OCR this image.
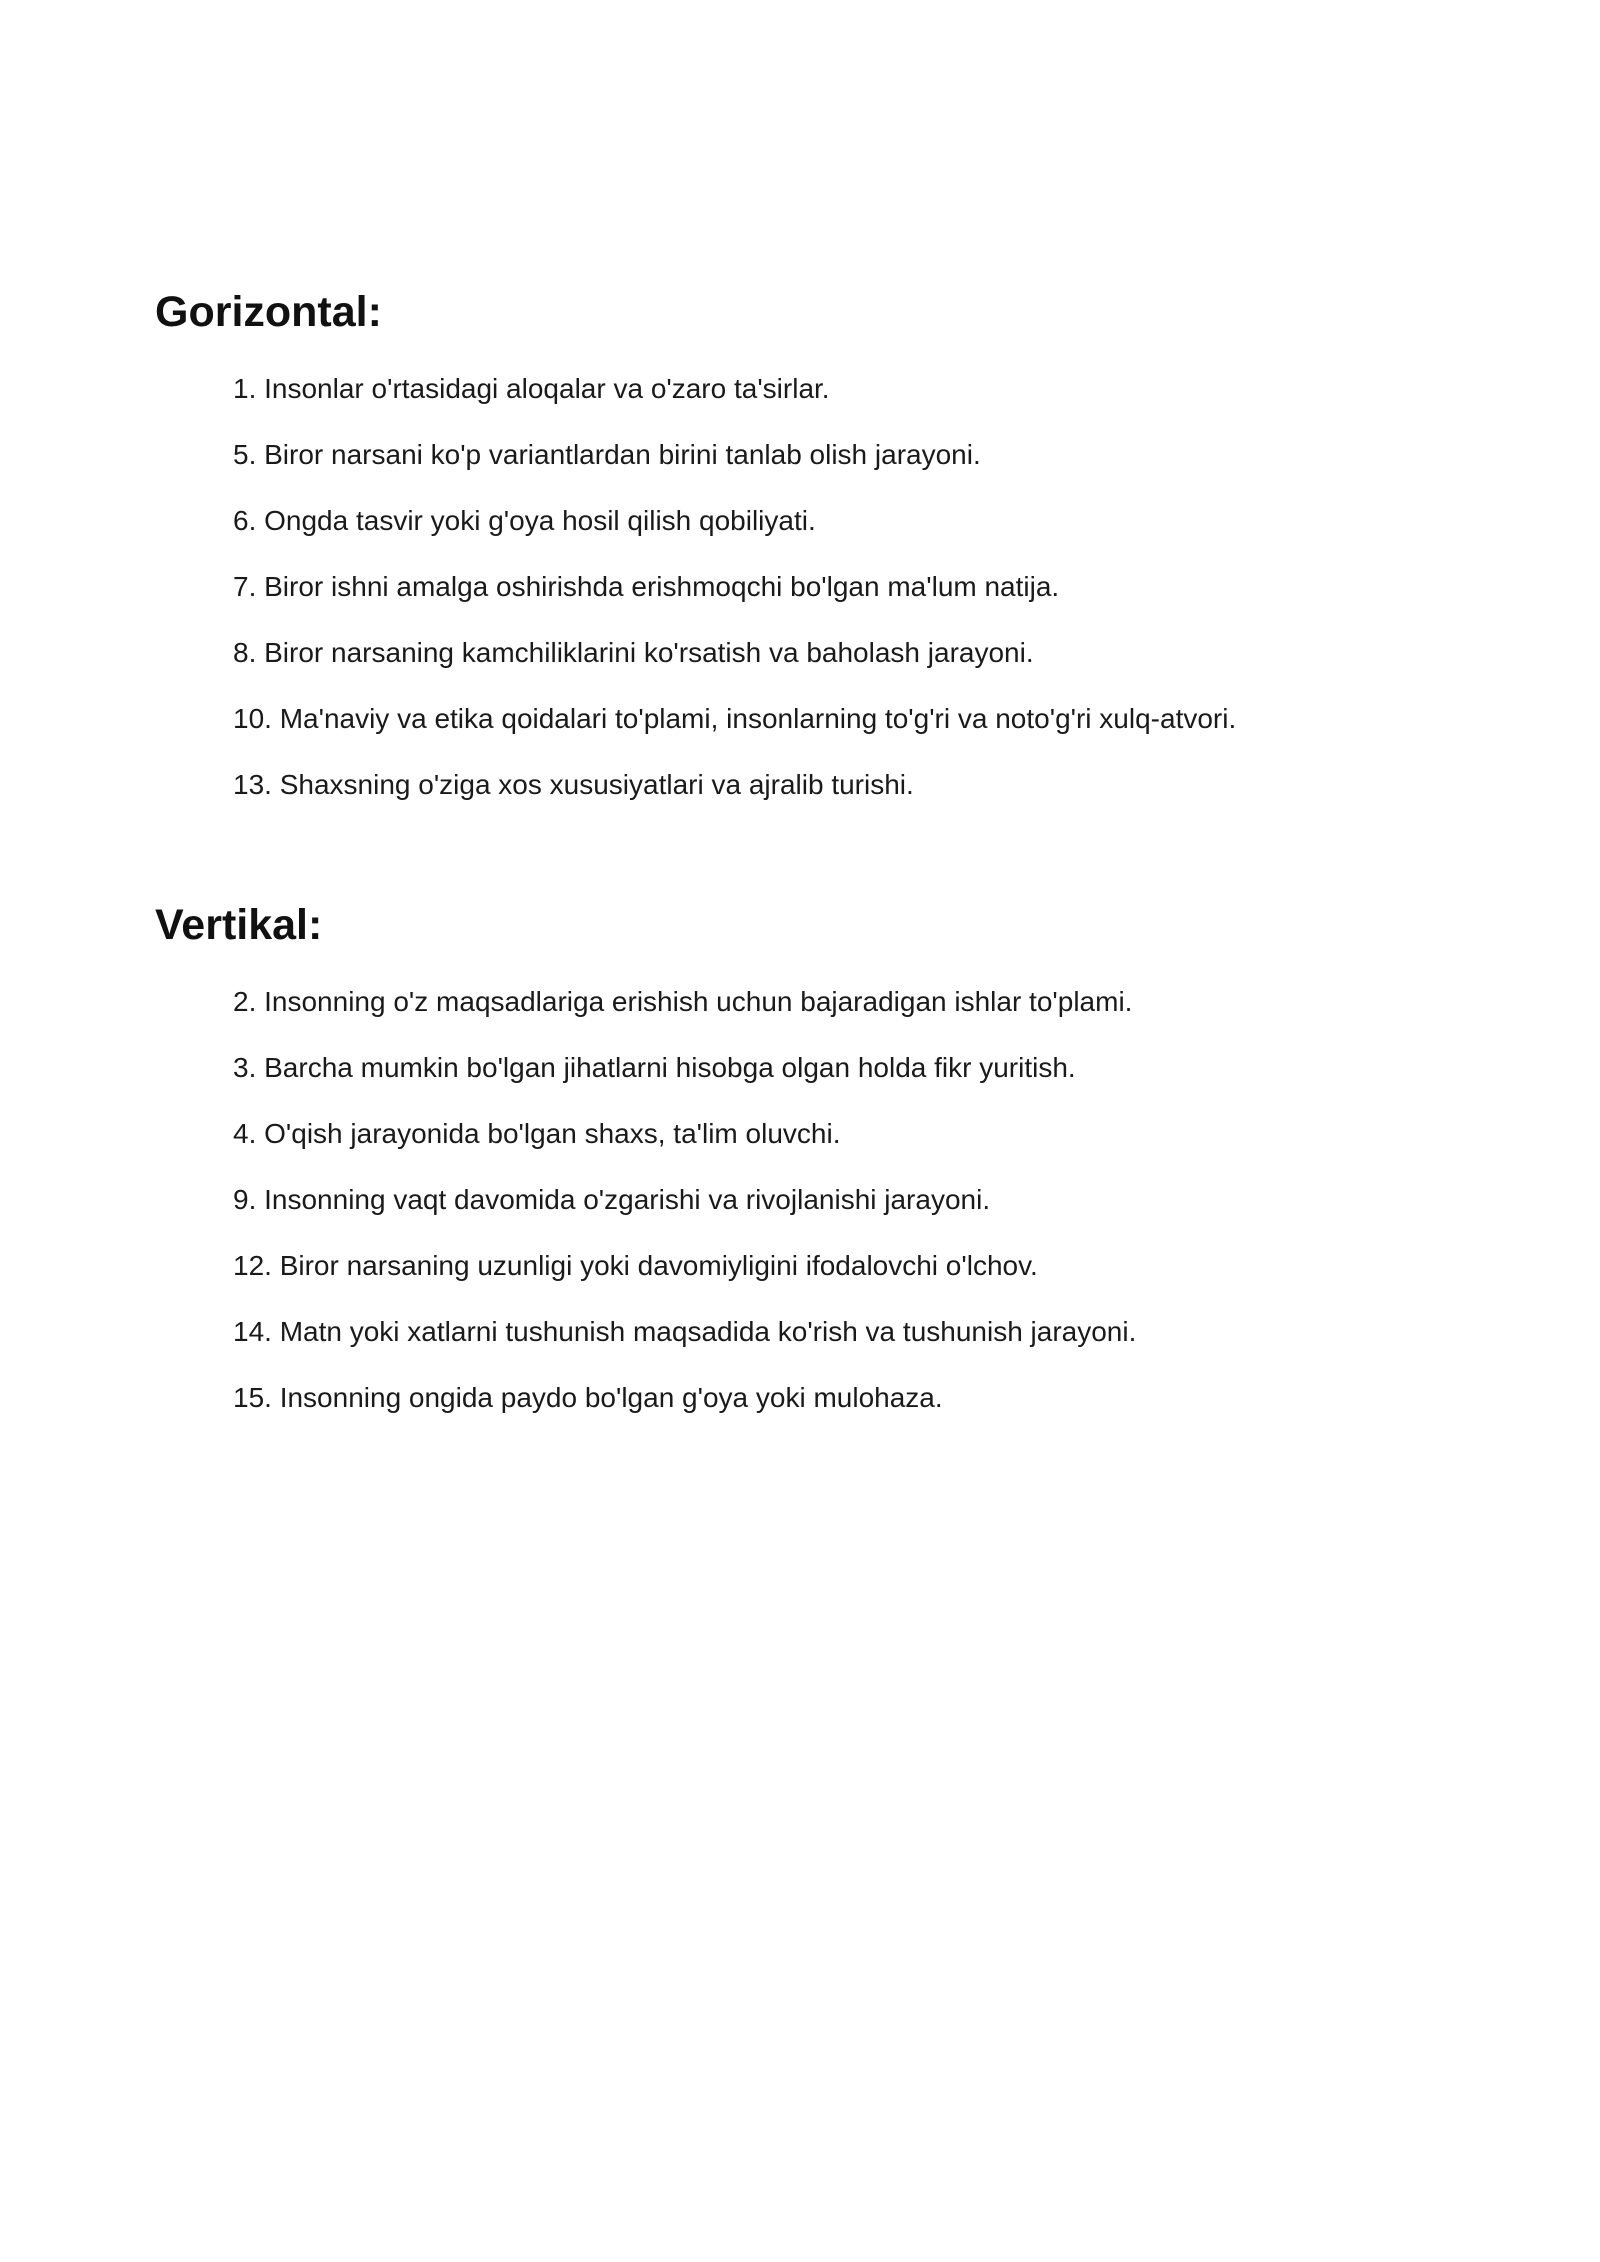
Gorizontal:
1. Insonlar o'rtasidagi aloqalar va o'zaro ta'sirlar.
5. Biror narsani ko'p variantlardan birini tanlab olish jarayoni.
6. Ongda tasvir yoki g'oya hosil qilish qobiliyati.
7. Biror ishni amalga oshirishda erishmoqchi bo'lgan ma'lum natija.
8. Biror narsaning kamchiliklarini ko'rsatish va baholash jarayoni.
10. Ma'naviy va etika qoidalari to'plami, insonlarning to'g'ri va noto'g'ri xulq-atvori.
13. Shaxsning o'ziga xos xususiyatlari va ajralib turishi.
Vertikal:
2. Insonning o'z maqsadlariga erishish uchun bajaradigan ishlar to'plami.
3. Barcha mumkin bo'lgan jihatlarni hisobga olgan holda fikr yuritish.
4. O'qish jarayonida bo'lgan shaxs, ta'lim oluvchi.
9. Insonning vaqt davomida o'zgarishi va rivojlanishi jarayoni.
12. Biror narsaning uzunligi yoki davomiyligini ifodalovchi o'lchov.
14. Matn yoki xatlarni tushunish maqsadida ko'rish va tushunish jarayoni.
15. Insonning ongida paydo bo'lgan g'oya yoki mulohaza.
